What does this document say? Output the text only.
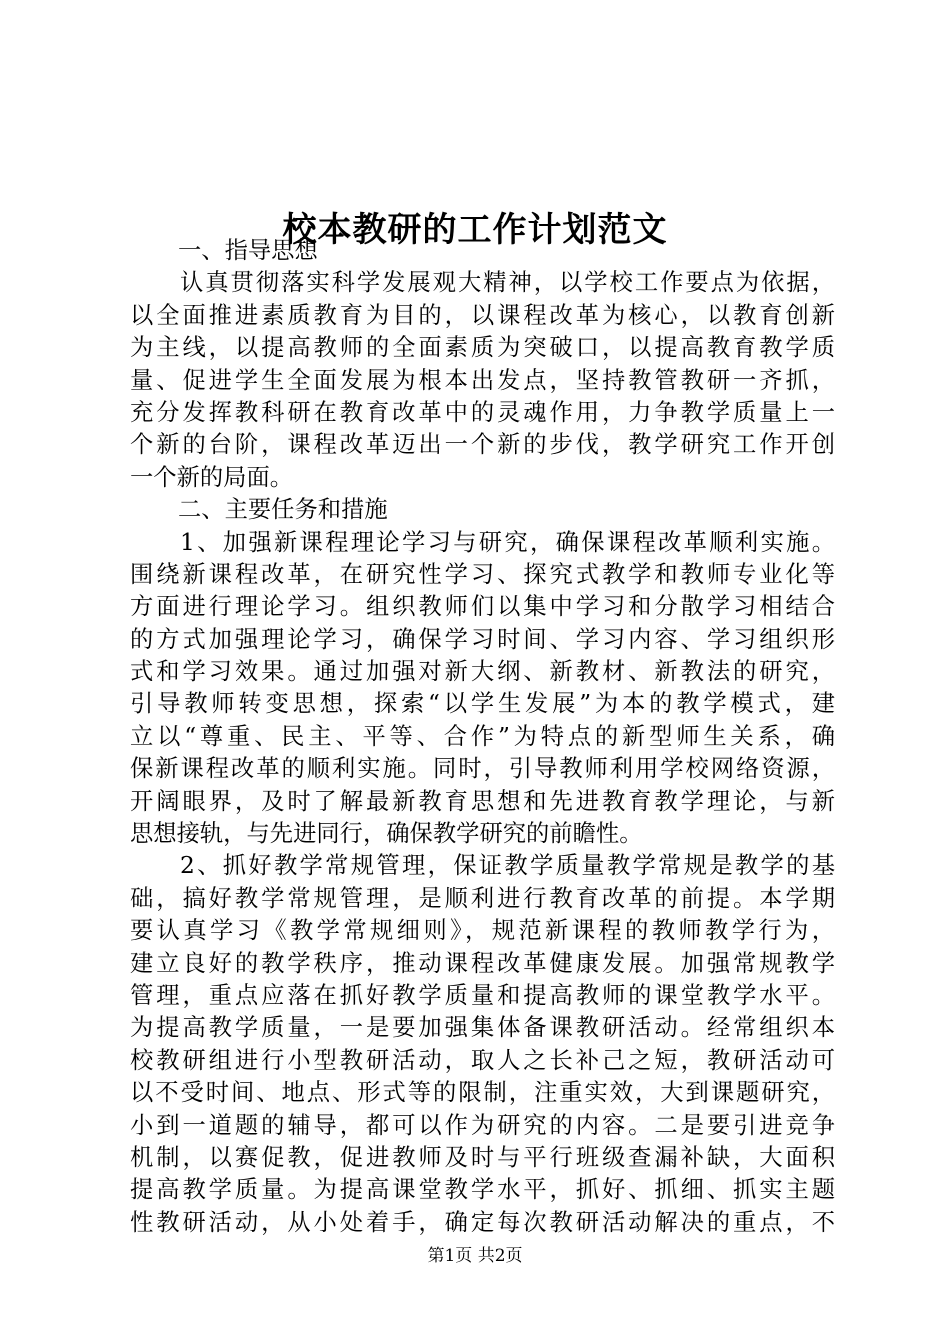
校本教研的工作计划范文
一、指导思想
认真贯彻落实科学发展观大精神，以学校工作要点为依据，
以全面推进素质教育为目的，以课程改革为核心，以教育创新
为主线，以提高教师的全面素质为突破口，以提高教育教学质
量、促进学生全面发展为根本出发点，坚持教管教研一齐抓，
充分发挥教科研在教育改革中的灵魂作用，力争教学质量上一
个新的台阶，课程改革迈出一个新的步伐，教学研究工作开创
一个新的局面。
二、主要任务和措施
1、加强新课程理论学习与研究，确保课程改革顺利实施。
围绕新课程改革，在研究性学习、探究式教学和教师专业化等
方面进行理论学习。组织教师们以集中学习和分散学习相结合
的方式加强理论学习，确保学习时间、学习内容、学习组织形
式和学习效果。通过加强对新大纲、新教材、新教法的研究，
引导教师转变思想，探索“以学生发展”为本的教学模式，建
立以“尊重、民主、平等、合作”为特点的新型师生关系，确
保新课程改革的顺利实施。同时，引导教师利用学校网络资源，
开阔眼界，及时了解最新教育思想和先进教育教学理论，与新
思想接轨，与先进同行，确保教学研究的前瞻性。
2、抓好教学常规管理，保证教学质量教学常规是教学的基
础，搞好教学常规管理，是顺利进行教育改革的前提。本学期
要认真学习《教学常规细则》，规范新课程的教师教学行为，
建立良好的教学秩序，推动课程改革健康发展。加强常规教学
管理，重点应落在抓好教学质量和提高教师的课堂教学水平。
为提高教学质量，一是要加强集体备课教研活动。经常组织本
校教研组进行小型教研活动，取人之长补己之短，教研活动可
以不受时间、地点、形式等的限制，注重实效，大到课题研究，
小到一道题的辅导，都可以作为研究的内容。二是要引进竞争
机制，以赛促教，促进教师及时与平行班级查漏补缺，大面积
提高教学质量。为提高课堂教学水平，抓好、抓细、抓实主题
性教研活动，从小处着手，确定每次教研活动解决的重点，不
第1页 共2页
